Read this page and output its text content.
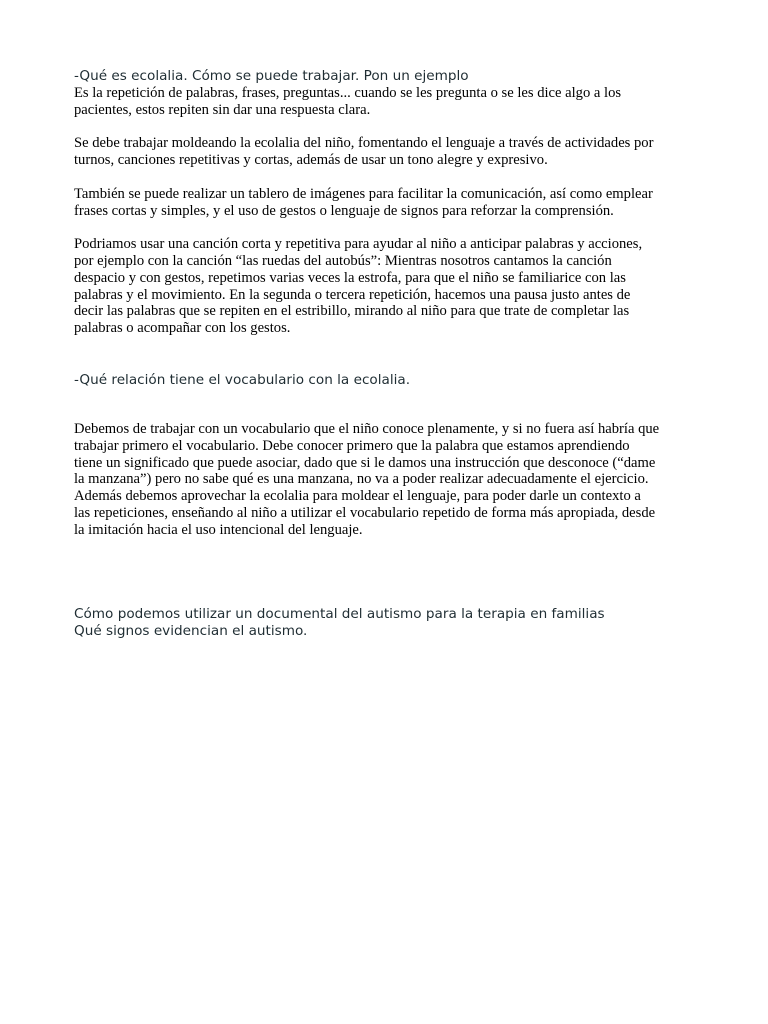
-Qué es ecolalia. Cómo se puede trabajar. Pon un ejemplo

Es la repetición de palabras, frases, preguntas... cuando se les pregunta o se les dice algo a los
pacientes, estos repiten sin dar una respuesta clara.

Se debe trabajar moldeando la ecolalia del niño, fomentando el lenguaje a través de actividades por
turnos, canciones repetitivas y cortas, además de usar un tono alegre y expresivo.

También se puede realizar un tablero de imágenes para facilitar la comunicación, así como emplear
frases cortas y simples, y el uso de gestos o lenguaje de signos para reforzar la comprensión.

Podriamos usar una canción corta y repetitiva para ayudar al niño a anticipar palabras y acciones,
por ejemplo con la canción “las ruedas del autobús”: Mientras nosotros cantamos la canción
despacio y con gestos, repetimos varias veces la estrofa, para que el niño se familiarice con las
palabras y el movimiento. En la segunda o tercera repetición, hacemos una pausa justo antes de
decir las palabras que se repiten en el estribillo, mirando al niño para que trate de completar las
palabras o acompañar con los gestos.

-Qué relación tiene el vocabulario con la ecolalia.

Debemos de trabajar con un vocabulario que el niño conoce plenamente, y si no fuera así habría que
trabajar primero el vocabulario. Debe conocer primero que la palabra que estamos aprendiendo
tiene un significado que puede asociar, dado que si le damos una instrucción que desconoce (“dame
la manzana”) pero no sabe qué es una manzana, no va a poder realizar adecuadamente el ejercicio.
Además debemos aprovechar la ecolalia para moldear el lenguaje, para poder darle un contexto a
las repeticiones, enseñando al niño a utilizar el vocabulario repetido de forma más apropiada, desde
la imitación hacia el uso intencional del lenguaje.

Cómo podemos utilizar un documental del autismo para la terapia en familias
Qué signos evidencian el autismo.
